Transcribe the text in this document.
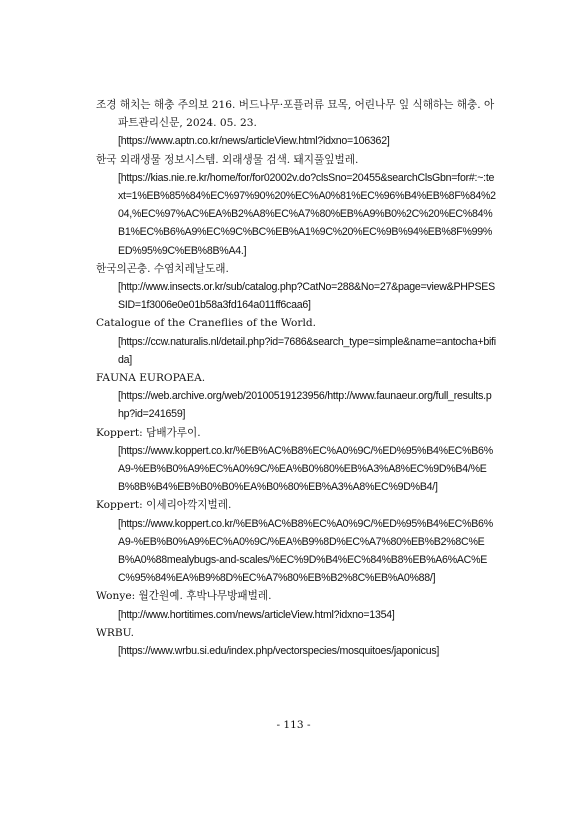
조경 해치는 해충 주의보 216. 버드나무·포플러류 묘목, 어린나무 잎 식해하는 해충. 아파트관리신문, 2024. 05. 23.
[https://www.aptn.co.kr/news/articleView.html?idxno=106362]
한국 외래생물 정보시스템. 외래생물 검색. 돼지풀잎벌레.
[https://kias.nie.re.kr/home/for/for02002v.do?clsSno=20455&searchClsGbn=for#:~:text=1%EB%85%84%EC%97%90%20%EC%A0%81%EC%96%B4%EB%8F%84%204,%EC%97%AC%EA%B2%A8%EC%A7%80%EB%A9%B0%2C%20%EC%84%B1%EC%B6%A9%EC%9C%BC%EB%A1%9C%20%EC%9B%94%EB%8F%99%ED%95%9C%EB%8B%A4.]
한국의곤충. 수염치레날도래.
[http://www.insects.or.kr/sub/catalog.php?CatNo=288&No=27&page=view&PHPSESSID=1f3006e0e01b58a3fd164a011ff6caa6]
Catalogue of the Craneflies of the World.
[https://ccw.naturalis.nl/detail.php?id=7686&search_type=simple&name=antocha+bifida]
FAUNA EUROPAEA.
[https://web.archive.org/web/20100519123956/http://www.faunaeur.org/full_results.php?id=241659]
Koppert: 담배가루이.
[https://www.koppert.co.kr/%EB%AC%B8%EC%A0%9C/%ED%95%B4%EC%B6%A9-%EB%B0%A9%EC%A0%9C/%EA%B0%80%EB%A3%A8%EC%9D%B4/%EB%8B%B4%EB%B0%B0%EA%B0%80%EB%A3%A8%EC%9D%B4/]
Koppert: 이세리아깍지벌레.
[https://www.koppert.co.kr/%EB%AC%B8%EC%A0%9C/%ED%95%B4%EC%B6%A9-%EB%B0%A9%EC%A0%9C/%EA%B9%8D%EC%A7%80%EB%B2%8C%EB%A0%88mealybugs-and-scales/%EC%9D%B4%EC%84%B8%EB%A6%AC%EC%95%84%EA%B9%8D%EC%A7%80%EB%B2%8C%EB%A0%88/]
Wonye: 월간원예. 후박나무방패벌레.
[http://www.hortitimes.com/news/articleView.html?idxno=1354]
WRBU.
[https://www.wrbu.si.edu/index.php/vectorspecies/mosquitoes/japonicus]
- 113 -
